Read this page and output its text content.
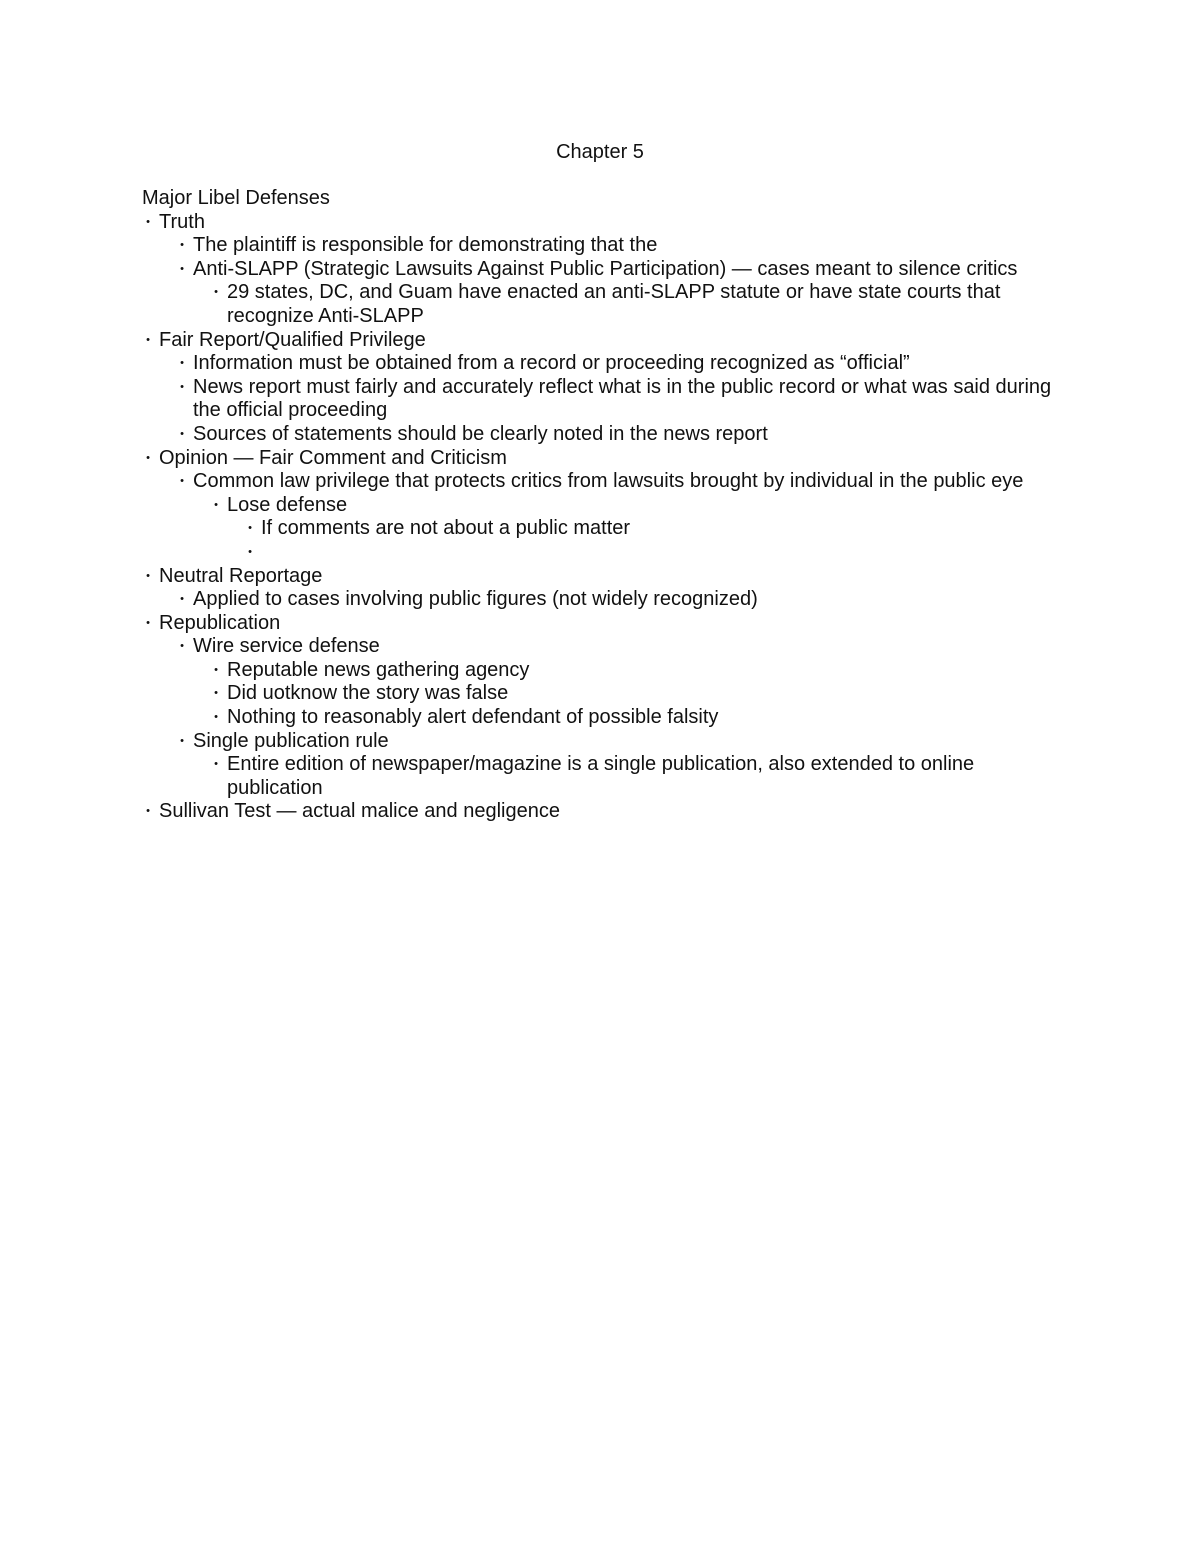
Chapter 5
Major Libel Defenses
• Truth
• The plaintiff is responsible for demonstrating that the
• Anti-SLAPP (Strategic Lawsuits Against Public Participation) — cases meant to silence critics
• 29 states, DC, and Guam have enacted an anti-SLAPP statute or have state courts that recognize Anti-SLAPP
• Fair Report/Qualified Privilege
• Information must be obtained from a record or proceeding recognized as “official”
• News report must fairly and accurately reflect what is in the public record or what was said during the official proceeding
• Sources of statements should be clearly noted in the news report
• Opinion — Fair Comment and Criticism
• Common law privilege that protects critics from lawsuits brought by individual in the public eye
• Lose defense
• If comments are not about a public matter
•
• Neutral Reportage
• Applied to cases involving public figures (not widely recognized)
• Republication
• Wire service defense
• Reputable news gathering agency
• Did uotknow the story was false
• Nothing to reasonably alert defendant of possible falsity
• Single publication rule
• Entire edition of newspaper/magazine is a single publication, also extended to online publication
• Sullivan Test — actual malice and negligence
